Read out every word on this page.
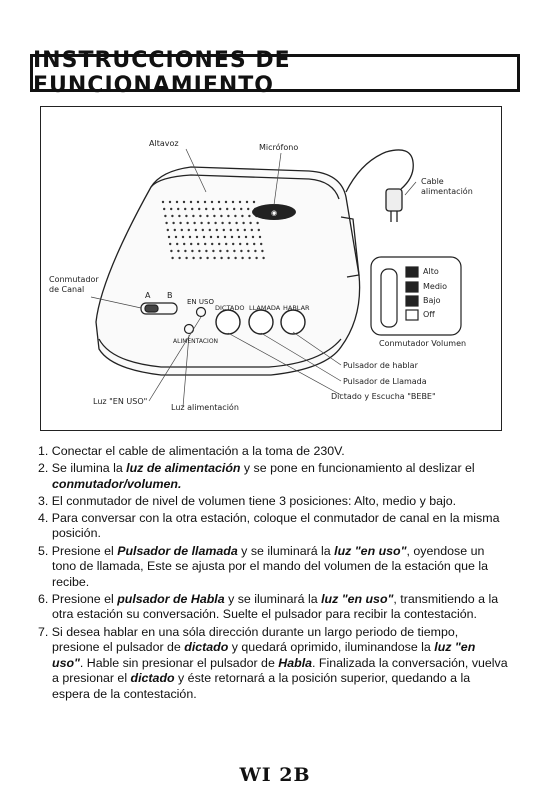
INSTRUCCIONES DE FUNCIONAMIENTO
◉
Altavoz	Micrófono
Cable alimentación
Conmutador de Canal
A B
EN USO
ALIMENTACION
DICTADO LLAMADA HABLAR
Alto
Medio
Bajo
Off
Conmutador Volumen
Pulsador de hablar
Pulsador de Llamada
Dictado y Escucha "BEBE"
Luz "EN USO"
Luz alimentación
1. Conectar el cable de alimentación a la toma de 230V.
2. Se ilumina la luz de alimentación y se pone en funcionamiento al deslizar el conmutador/volumen.
3. El conmutador de nivel de volumen tiene 3 posiciones: Alto, medio y bajo.
4. Para conversar con la otra estación, coloque el conmutador de canal en la misma posición.
5. Presione el Pulsador de llamada y se iluminará la luz "en uso", oyendose un tono de llamada, Este se ajusta por el mando del volumen de la estación que la recibe.
6. Presione el pulsador de Habla y se iluminará la luz "en uso", transmitiendo a la otra estación su conversación. Suelte el pulsador para recibir la contestación.
7. Si desea hablar en una sóla dirección durante un largo periodo de tiempo, presione el pulsador de dictado y quedará oprimido, iluminandose la luz "en uso". Hable sin presionar el pulsador de Habla. Finalizada la conversación, vuelva a presionar el dictado y éste retornará a la posición superior, quedando a la espera de la contestación.
WI 2B
